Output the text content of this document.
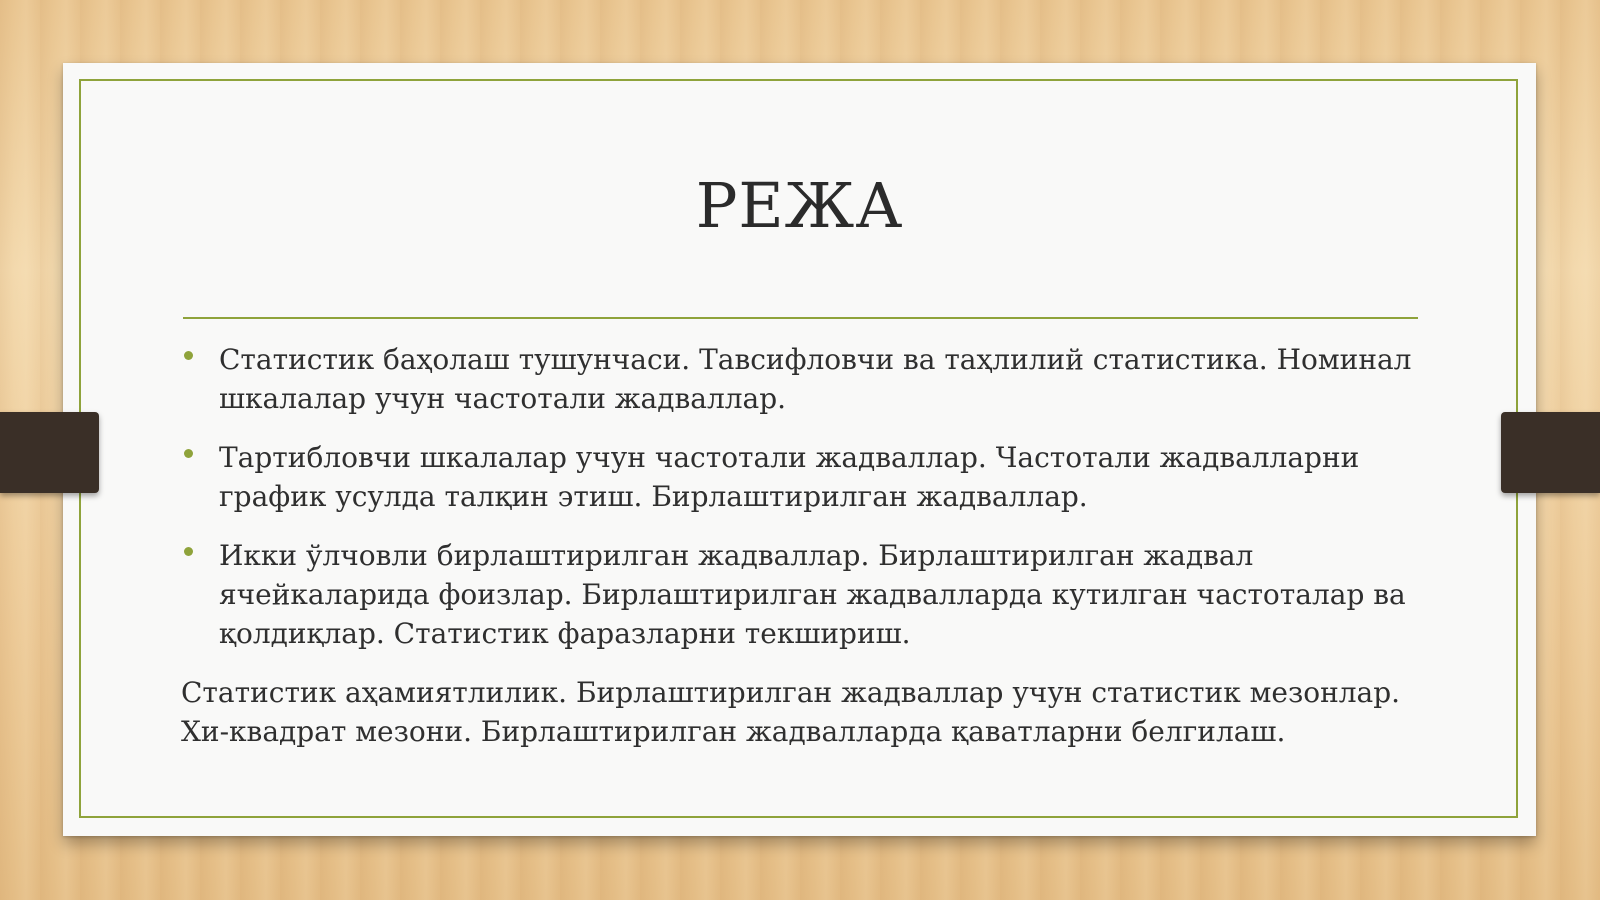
РЕЖА
Статистик баҳолаш тушунчаси. Тавсифловчи ва таҳлилий статистика. Номинал шкалалар учун частотали жадваллар.
Тартибловчи шкалалар учун частотали жадваллар. Частотали жадвалларни график усулда талқин этиш. Бирлаштирилган жадваллар.
Икки ўлчовли бирлаштирилган жадваллар. Бирлаштирилган жадвал ячейкаларида фоизлар. Бирлаштирилган жадвалларда кутилган частоталар ва қолдиқлар. Статистик фаразларни текшириш.
Статистик аҳамиятлилик. Бирлаштирилган жадваллар учун статистик мезонлар. Хи-квадрат мезони. Бирлаштирилган жадвалларда қаватларни белгилаш.
